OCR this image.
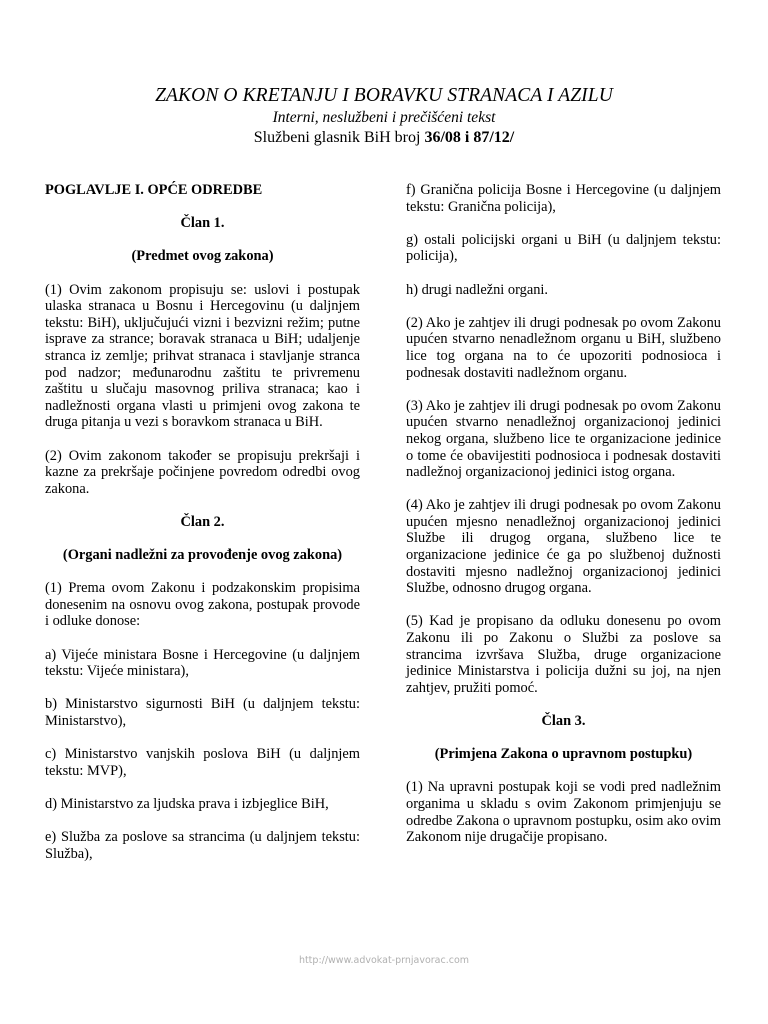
ZAKON O KRETANJU I BORAVKU STRANACA I AZILU
Interni, neslužbeni i prečišćeni tekst
Službeni glasnik BiH broj 36/08 i 87/12/

POGLAVLJE I. OPĆE ODREDBE

Član 1.

(Predmet ovog zakona)

(1) Ovim zakonom propisuju se: uslovi i postupak ulaska stranaca u Bosnu i Hercegovinu (u daljnjem tekstu: BiH), uključujući vizni i bezvizni režim; putne isprave za strance; boravak stranaca u BiH; udaljenje stranca iz zemlje; prihvat stranaca i stavljanje stranca pod nadzor; međunarodnu zaštitu te privremenu zaštitu u slučaju masovnog priliva stranaca; kao i nadležnosti organa vlasti u primjeni ovog zakona te druga pitanja u vezi s boravkom stranaca u BiH.

(2) Ovim zakonom također se propisuju prekršaji i kazne za prekršaje počinjene povredom odredbi ovog zakona.

Član 2.

(Organi nadležni za provođenje ovog zakona)

(1) Prema ovom Zakonu i podzakonskim propisima donesenim na osnovu ovog zakona, postupak provode i odluke donose:

a) Vijeće ministara Bosne i Hercegovine (u daljnjem tekstu: Vijeće ministara),

b) Ministarstvo sigurnosti BiH (u daljnjem tekstu: Ministarstvo),

c) Ministarstvo vanjskih poslova BiH (u daljnjem tekstu: MVP),

d) Ministarstvo za ljudska prava i izbjeglice BiH,

e) Služba za poslove sa strancima (u daljnjem tekstu: Služba),

f) Granična policija Bosne i Hercegovine (u daljnjem tekstu: Granična policija),

g) ostali policijski organi u BiH (u daljnjem tekstu: policija),

h) drugi nadležni organi.

(2) Ako je zahtjev ili drugi podnesak po ovom Zakonu upućen stvarno nenadležnom organu u BiH, službeno lice tog organa na to će upozoriti podnosioca i podnesak dostaviti nadležnom organu.

(3) Ako je zahtjev ili drugi podnesak po ovom Zakonu upućen stvarno nenadležnoj organizacionoj jedinici nekog organa, službeno lice te organizacione jedinice o tome će obavijestiti podnosioca i podnesak dostaviti nadležnoj organizacionoj jedinici istog organa.

(4) Ako je zahtjev ili drugi podnesak po ovom Zakonu upućen mjesno nenadležnoj organizacionoj jedinici Službe ili drugog organa, službeno lice te organizacione jedinice će ga po službenoj dužnosti dostaviti mjesno nadležnoj organizacionoj jedinici Službe, odnosno drugog organa.

(5) Kad je propisano da odluku donesenu po ovom Zakonu ili po Zakonu o Službi za poslove sa strancima izvršava Služba, druge organizacione jedinice Ministarstva i policija dužni su joj, na njen zahtjev, pružiti pomoć.

Član 3.

(Primjena Zakona o upravnom postupku)

(1) Na upravni postupak koji se vodi pred nadležnim organima u skladu s ovim Zakonom primjenjuju se odredbe Zakona o upravnom postupku, osim ako ovim Zakonom nije drugačije propisano.

http://www.advokat-prnjavorac.com
